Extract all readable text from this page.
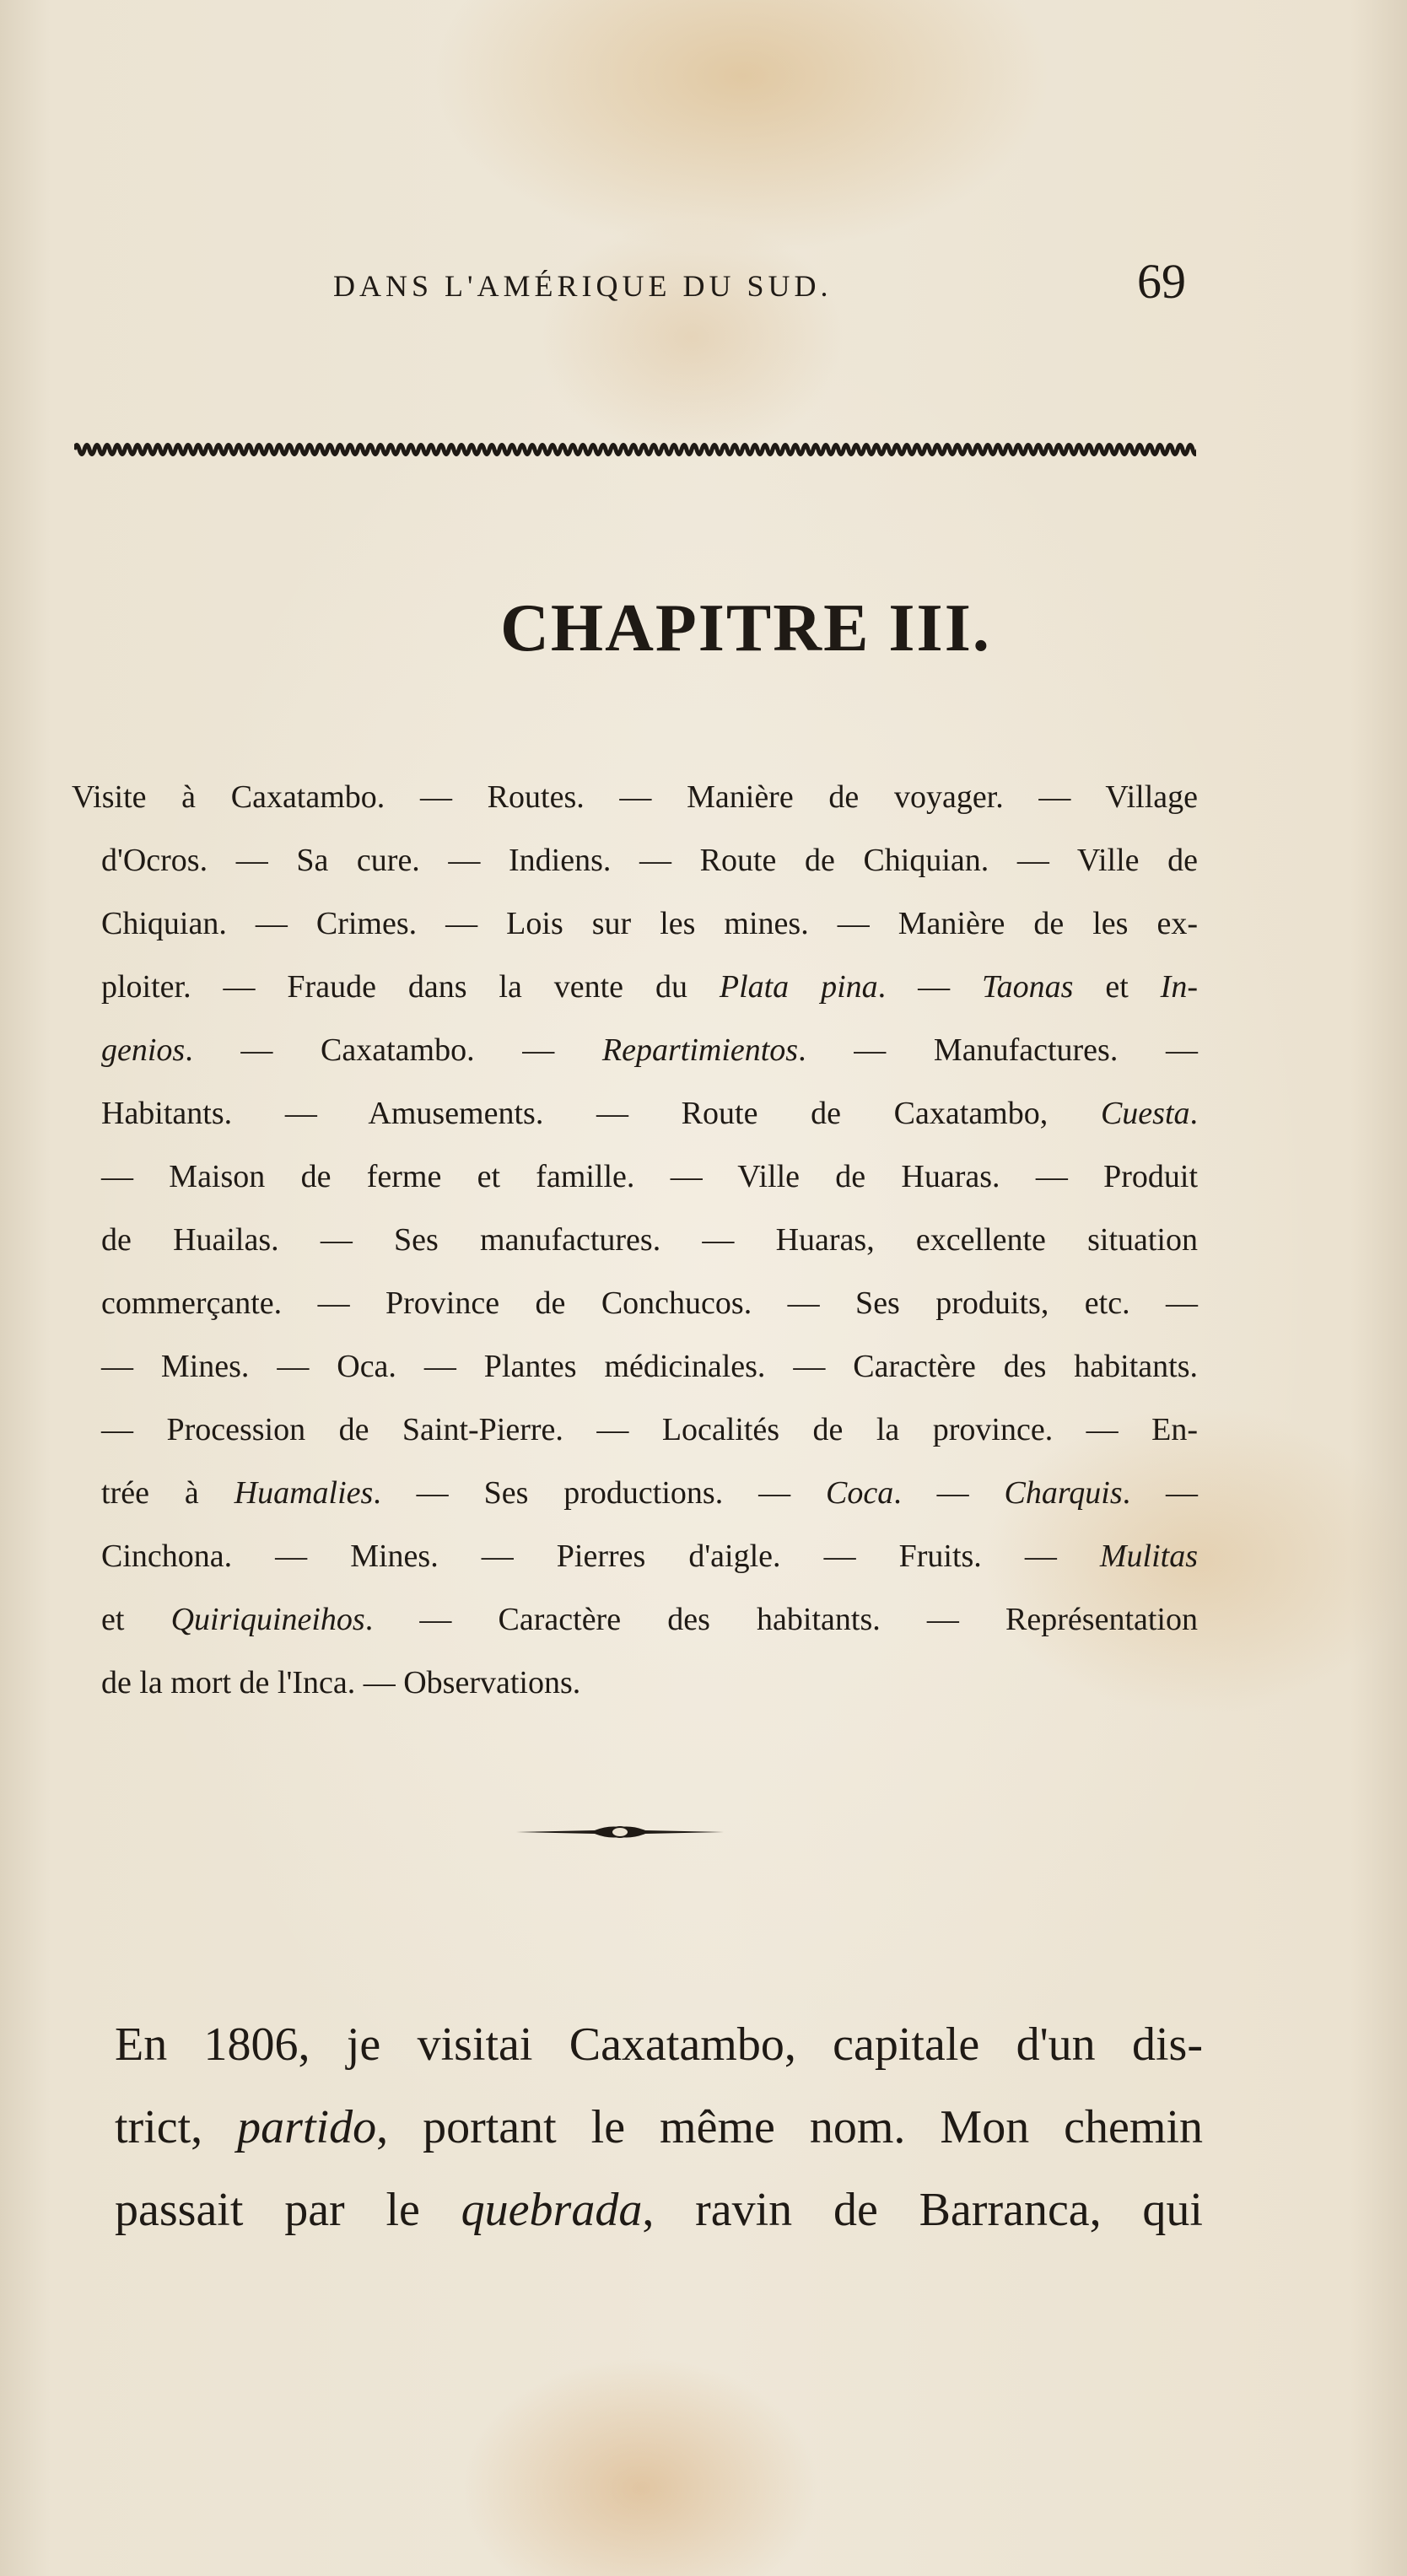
DANS L'AMÉRIQUE DU SUD.	69
CHAPITRE III.
Visite à Caxatambo. — Routes. — Manière de voyager. — Village
d'Ocros. — Sa cure. — Indiens. — Route de Chiquian. — Ville de
Chiquian. — Crimes. — Lois sur les mines. — Manière de les ex-
ploiter. — Fraude dans la vente du Plata pina. — Taonas et In-
genios. — Caxatambo. — Repartimientos. — Manufactures. —
Habitants. — Amusements. — Route de Caxatambo, Cuesta.
— Maison de ferme et famille. — Ville de Huaras. — Produit
de Huailas. — Ses manufactures. — Huaras, excellente situation
commerçante. — Province de Conchucos. — Ses produits, etc. —
— Mines. — Oca. — Plantes médicinales. — Caractère des habitants.
— Procession de Saint-Pierre. — Localités de la province. — En-
trée à Huamalies. — Ses productions. — Coca. — Charquis. —
Cinchona. — Mines. — Pierres d'aigle. — Fruits. — Mulitas
et Quiriquineihos. — Caractère des habitants. — Représentation
de la mort de l'Inca. — Observations.
En 1806, je visitai Caxatambo, capitale d'un dis-
trict, partido, portant le même nom. Mon chemin
passait par le quebrada, ravin de Barranca, qui
